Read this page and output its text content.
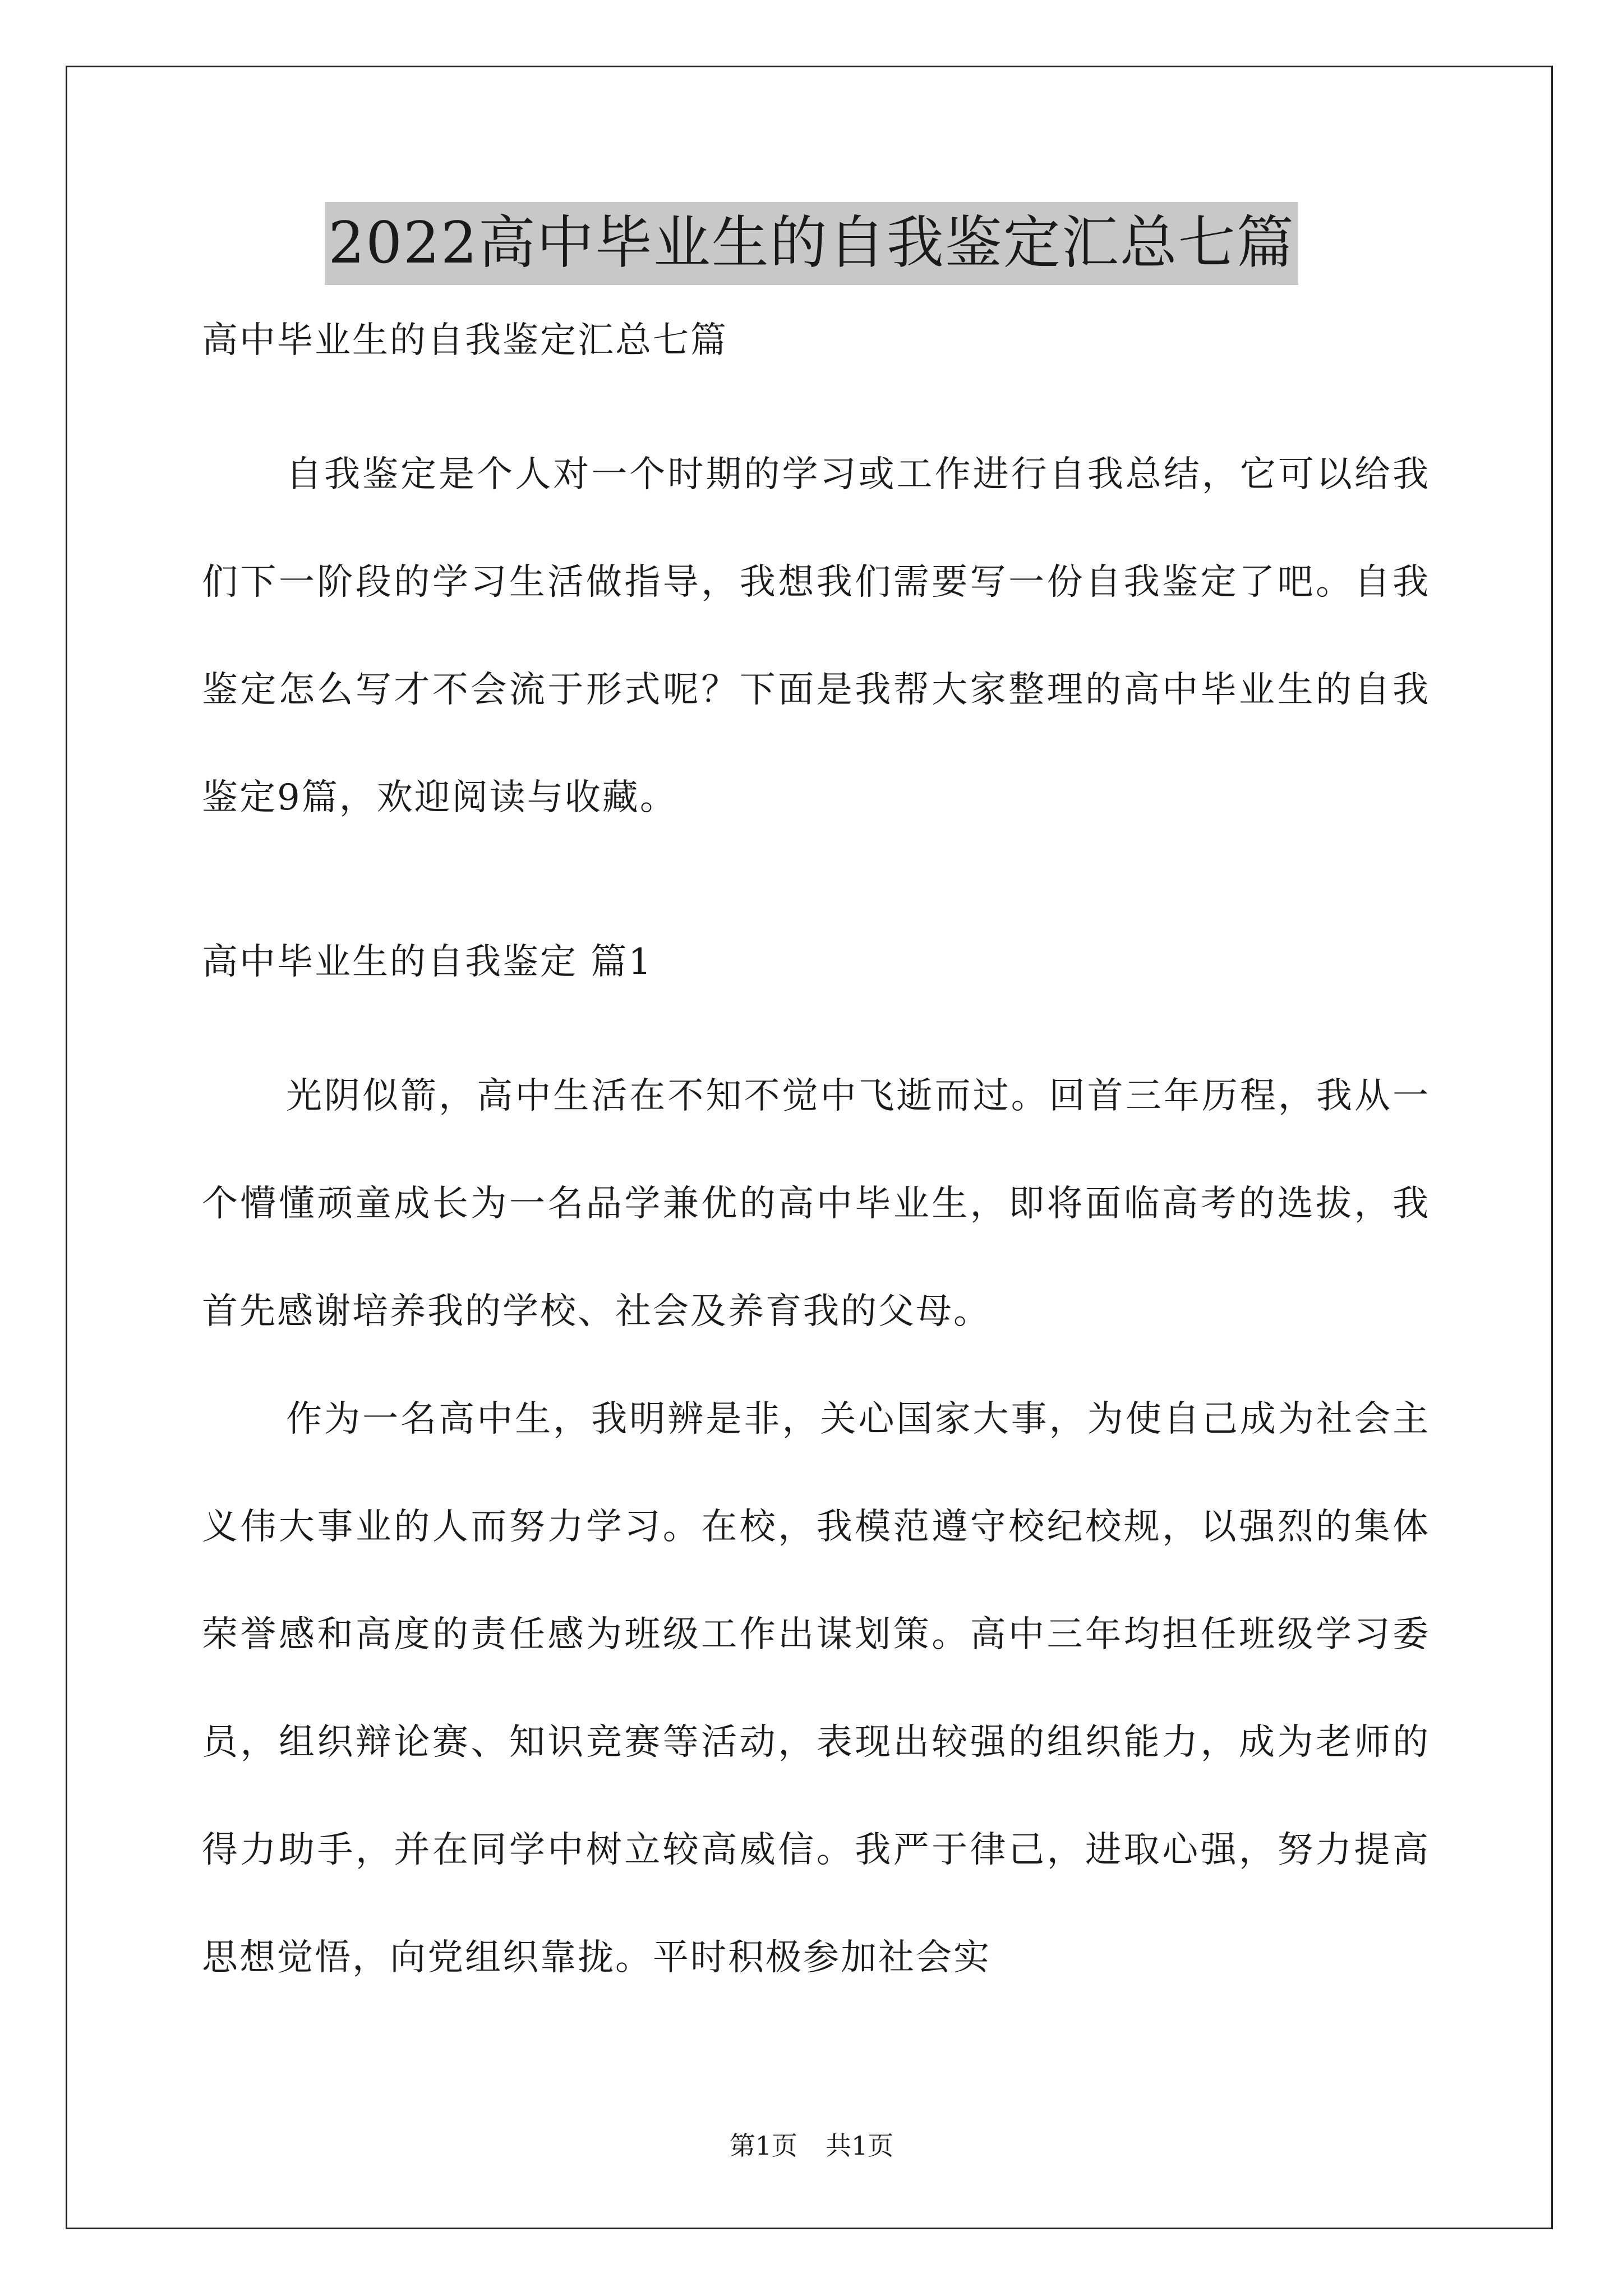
2022高中毕业生的自我鉴定汇总七篇

高中毕业生的自我鉴定汇总七篇

自我鉴定是个人对一个时期的学习或工作进行自我总结，它可以给我们下一阶段的学习生活做指导，我想我们需要写一份自我鉴定了吧。自我鉴定怎么写才不会流于形式呢？下面是我帮大家整理的高中毕业生的自我鉴定9篇，欢迎阅读与收藏。

高中毕业生的自我鉴定 篇1

光阴似箭，高中生活在不知不觉中飞逝而过。回首三年历程，我从一个懵懂顽童成长为一名品学兼优的高中毕业生，即将面临高考的选拔，我首先感谢培养我的学校、社会及养育我的父母。

作为一名高中生，我明辨是非，关心国家大事，为使自己成为社会主义伟大事业的人而努力学习。在校，我模范遵守校纪校规，以强烈的集体荣誉感和高度的责任感为班级工作出谋划策。高中三年均担任班级学习委员，组织辩论赛、知识竞赛等活动，表现出较强的组织能力，成为老师的得力助手，并在同学中树立较高威信。我严于律己，进取心强，努力提高思想觉悟，向党组织靠拢。平时积极参加社会实

第1页 共1页
